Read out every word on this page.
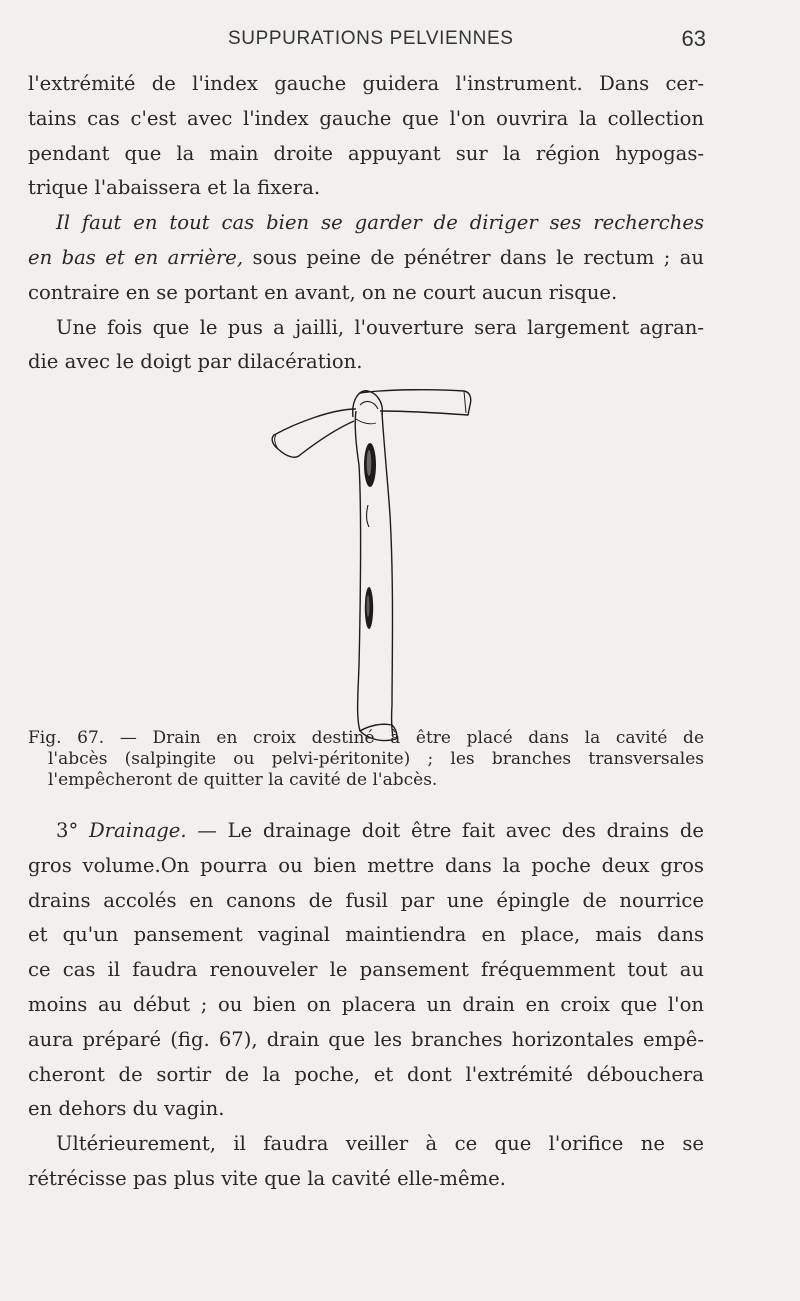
SUPPURATIONS PELVIENNES	63
l'extrémité de l'index gauche guidera l'instrument. Dans cer-
tains cas c'est avec l'index gauche que l'on ouvrira la collection
pendant que la main droite appuyant sur la région hypogas-
trique l'abaissera et la fixera.
Il faut en tout cas bien se garder de diriger ses recherches
en bas et en arrière, sous peine de pénétrer dans le rectum ; au
contraire en se portant en avant, on ne court aucun risque.
Une fois que le pus a jailli, l'ouverture sera largement agran-
die avec le doigt par dilacération.
Fig. 67. — Drain en croix destiné à être placé dans la cavité de
l'abcès (salpingite ou pelvi-péritonite) ; les branches transversales
l'empêcheront de quitter la cavité de l'abcès.
3° Drainage. — Le drainage doit être fait avec des drains de
gros volume.On pourra ou bien mettre dans la poche deux gros
drains accolés en canons de fusil par une épingle de nourrice
et qu'un pansement vaginal maintiendra en place, mais dans
ce cas il faudra renouveler le pansement fréquemment tout au
moins au début ; ou bien on placera un drain en croix que l'on
aura préparé (fig. 67), drain que les branches horizontales empê-
cheront de sortir de la poche, et dont l'extrémité débouchera
en dehors du vagin.
Ultérieurement, il faudra veiller à ce que l'orifice ne se
rétrécisse pas plus vite que la cavité elle-même.
